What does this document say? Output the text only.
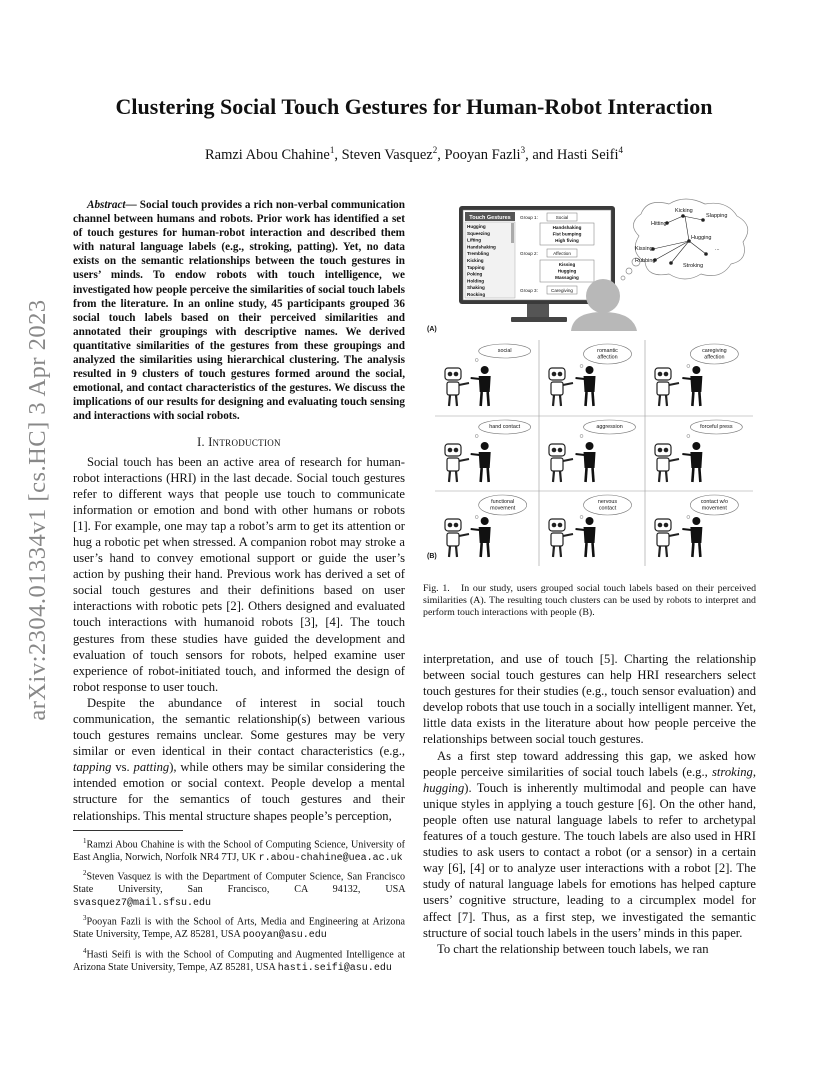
arXiv:2304.01334v1 [cs.HC] 3 Apr 2023
Clustering Social Touch Gestures for Human-Robot Interaction
Ramzi Abou Chahine$^1$, Steven Vasquez$^2$, Pooyan Fazli$^3$, and Hasti Seifi$^4$

Abstract— Social touch provides a rich non-verbal communication channel between humans and robots. Prior work has identified a set of touch gestures for human-robot interaction and described them with natural language labels (e.g., stroking, patting). Yet, no data exists on the semantic relationships between the touch gestures in users’ minds. To endow robots with touch intelligence, we investigated how people perceive the similarities of social touch labels from the literature. In an online study, 45 participants grouped 36 social touch labels based on their perceived similarities and annotated their groupings with descriptive names. We derived quantitative similarities of the gestures from these groupings and analyzed the similarities using hierarchical clustering. The analysis resulted in 9 clusters of touch gestures formed around the social, emotional, and contact characteristics of the gestures. We discuss the implications of our results for designing and evaluating touch sensing and interactions with social robots.

I. Introduction

Social touch has been an active area of research for human-robot interactions (HRI) in the last decade. Social touch gestures refer to different ways that people use touch to communicate information or emotion and bond with other humans or robots [1]. For example, one may tap a robot’s arm to get its attention or hug a robotic pet when stressed. A companion robot may stroke a user’s hand to convey emotional support or guide the user’s action by pushing their hand. Previous work has derived a set of social touch gestures and their definitions based on user interactions with robotic pets [2]. Others designed and evaluated touch interactions with humanoid robots [3], [4]. The touch gestures from these studies have guided the development and evaluation of touch sensors for robots, helped examine user experience of robot-initiated touch, and informed the design of robot response to user touch.

Despite the abundance of interest in social touch communication, the semantic relationship(s) between various touch gestures remains unclear. Some gestures may be very similar or even identical in their contact characteristics (e.g., tapping vs. patting), while others may be similar considering the intended emotion or social context. People develop a mental structure for the semantics of touch gestures and their relationships. This mental structure shapes people’s perception,

$^1$Ramzi Abou Chahine is with the School of Computing Science, University of East Anglia, Norwich, Norfolk NR4 7TJ, UK r.abou-chahine@uea.ac.uk

$^2$Steven Vasquez is with the Department of Computer Science, San Francisco State University, San Francisco, CA 94132, USA svasquez7@mail.sfsu.edu

$^3$Pooyan Fazli is with the School of Arts, Media and Engineering at Arizona State University, Tempe, AZ 85281, USA pooyan@asu.edu

$^4$Hasti Seifi is with the School of Computing and Augmented Intelligence at Arizona State University, Tempe, AZ 85281, USA hasti.seifi@asu.edu

Touch Gestures
Hugging
Squeezing
Lifting
Handshaking
Trembling
Kicking
Tapping
Poking
Holding
Shaking
Rocking
Group 1:	Social
Handshaking
Fist bumping
High fiving
Group 2:	Affection
Kissing
Hugging
Massaging
Group 3:	Caregiving
Kicking
Hitting
Slapping
Hugging
Kissing
Rubbing
Stroking
...
(A)
(B)
social	romantic
affection
caregiving
affection
hand contact	aggression	forceful press
functional
movement
nervous
contact
contact w/o
movement
Fig. 1. In our study, users grouped social touch labels based on their perceived similarities (A). The resulting touch clusters can be used by robots to interpret and perform touch interactions with people (B).

interpretation, and use of touch [5]. Charting the relationship between social touch gestures can help HRI researchers select touch gestures for their studies (e.g., touch sensor evaluation) and develop robots that use touch in a socially intelligent manner. Yet, little data exists in the literature about how people perceive the relationships between social touch gestures.

As a first step toward addressing this gap, we asked how people perceive similarities of social touch labels (e.g., stroking, hugging). Touch is inherently multimodal and people can have unique styles in applying a touch gesture [6]. On the other hand, people often use natural language labels to refer to archetypal features of a touch gesture. The touch labels are also used in HRI studies to ask users to contact a robot (or a sensor) in a certain way [6], [4] or to analyze user interactions with a robot [2]. The study of natural language labels for emotions has helped capture users’ cognitive structure, leading to a circumplex model for affect [7]. Thus, as a first step, we investigated the semantic structure of social touch labels in the users’ minds in this paper.

To chart the relationship between touch labels, we ran
